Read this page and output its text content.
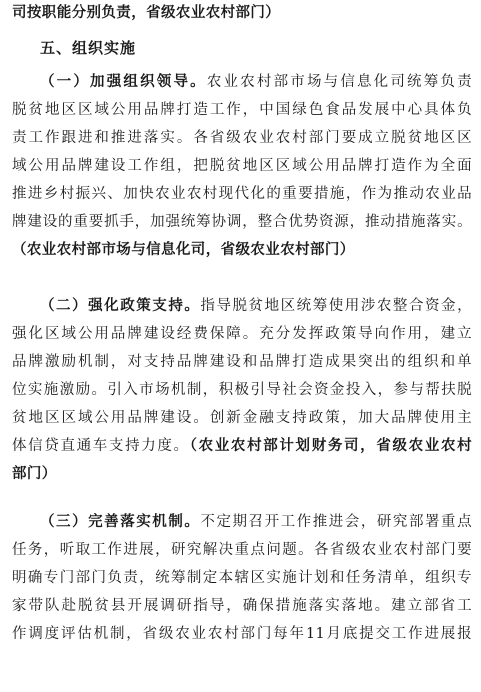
司按职能分别负责，省级农业农村部门）
五、组织实施
（一）加强组织领导。农业农村部市场与信息化司统筹负责
脱贫地区区域公用品牌打造工作，中国绿色食品发展中心具体负
责工作跟进和推进落实。各省级农业农村部门要成立脱贫地区区
域公用品牌建设工作组，把脱贫地区区域公用品牌打造作为全面
推进乡村振兴、加快农业农村现代化的重要措施，作为推动农业品
牌建设的重要抓手，加强统筹协调，整合优势资源，推动措施落实。
（农业农村部市场与信息化司，省级农业农村部门）
（二）强化政策支持。指导脱贫地区统筹使用涉农整合资金，
强化区域公用品牌建设经费保障。充分发挥政策导向作用，建立
品牌激励机制，对支持品牌建设和品牌打造成果突出的组织和单
位实施激励。引入市场机制，积极引导社会资金投入，参与帮扶脱
贫地区区域公用品牌建设。创新金融支持政策，加大品牌使用主
体信贷直通车支持力度。（农业农村部计划财务司，省级农业农村
部门）
（三）完善落实机制。不定期召开工作推进会，研究部署重点
任务，听取工作进展，研究解决重点问题。各省级农业农村部门要
明确专门部门负责，统筹制定本辖区实施计划和任务清单，组织专
家带队赴脱贫县开展调研指导，确保措施落实落地。建立部省工
作调度评估机制，省级农业农村部门每年11月底提交工作进展报
